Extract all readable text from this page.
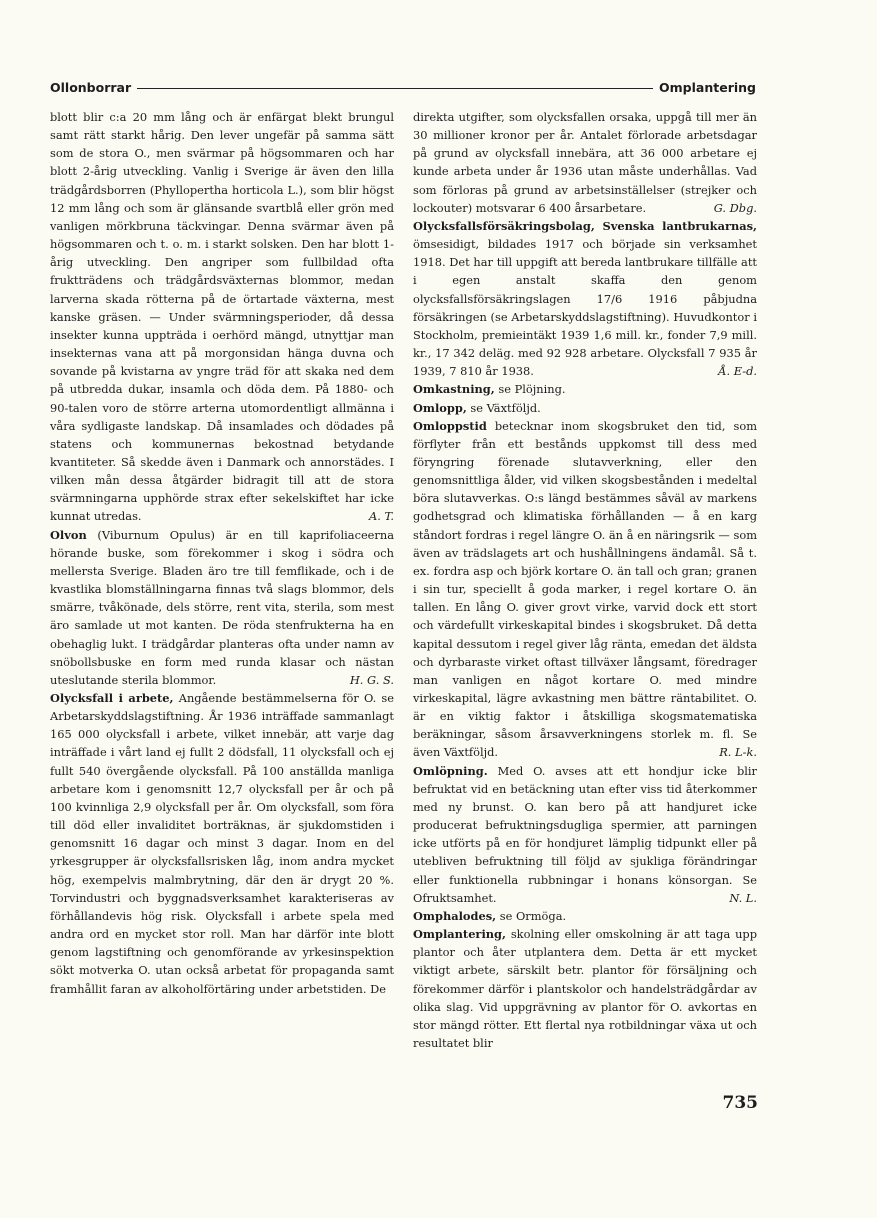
Ollonborrar	Omplantering

blott blir c:a 20 mm lång och är enfärgat blekt brungul samt rätt starkt hårig. Den lever ungefär på samma sätt som de stora O., men svärmar på högsommaren och har blott 2-årig utveckling. Vanlig i Sverige är även den lilla trädgårdsborren (Phyllopertha horticola L.), som blir högst 12 mm lång och som är glänsande svartblå eller grön med vanligen mörkbruna täckvingar. Denna svärmar även på högsommaren och t. o. m. i starkt solsken. Den har blott 1-årig utveckling. Den angriper som fullbildad ofta fruktträdens och trädgårdsväxternas blommor, medan larverna skada rötterna på de örtartade växterna, mest kanske gräsen. — Under svärmningsperioder, då dessa insekter kunna uppträda i oerhörd mängd, utnyttjar man insekternas vana att på morgonsidan hänga duvna och sovande på kvistarna av yngre träd för att skaka ned dem på utbredda dukar, insamla och döda dem. På 1880- och 90-talen voro de större arterna utomordentligt allmänna i våra sydligaste landskap. Då insamlades och dödades på statens och kommunernas bekostnad betydande kvantiteter. Så skedde även i Danmark och annorstädes. I vilken mån dessa åtgärder bidragit till att de stora svärmningarna upphörde strax efter sekelskiftet har icke kunnat utredas.	A. T.

Olvon (Viburnum Opulus) är en till kaprifoliaceerna hörande buske, som förekommer i skog i södra och mellersta Sverige. Bladen äro tre till femflikade, och i de kvastlika blomställningarna finnas två slags blommor, dels smärre, tvåkönade, dels större, rent vita, sterila, som mest äro samlade ut mot kanten. De röda stenfrukterna ha en obehaglig lukt. I trädgårdar planteras ofta under namn av snöbollsbuske en form med runda klasar och nästan uteslutande sterila blommor.	H. G. S.

Olycksfall i arbete, Angående bestämmelserna för O. se Arbetarskyddslagstiftning. År 1936 inträffade sammanlagt 165 000 olycksfall i arbete, vilket innebär, att varje dag inträffade i vårt land ej fullt 2 dödsfall, 11 olycksfall och ej fullt 540 övergående olycksfall. På 100 anställda manliga arbetare kom i genomsnitt 12,7 olycksfall per år och på 100 kvinnliga 2,9 olycksfall per år. Om olycksfall, som föra till död eller invaliditet borträknas, är sjukdomstiden i genomsnitt 16 dagar och minst 3 dagar. Inom en del yrkesgrupper är olycksfallsrisken låg, inom andra mycket hög, exempelvis malmbrytning, där den är drygt 20 %. Torvindustri och byggnadsverksamhet karakteriseras av förhållandevis hög risk. Olycksfall i arbete spela med andra ord en mycket stor roll. Man har därför inte blott genom lagstiftning och genomförande av yrkesinspektion sökt motverka O. utan också arbetat för propaganda samt framhållit faran av alkoholförtäring under arbetstiden. De

direkta utgifter, som olycksfallen orsaka, uppgå till mer än 30 millioner kronor per år. Antalet förlorade arbetsdagar på grund av olycksfall innebära, att 36 000 arbetare ej kunde arbeta under år 1936 utan måste underhållas. Vad som förloras på grund av arbetsinställelser (strejker och lockouter) motsvarar 6 400 årsarbetare.	G. Dbg.

Olycksfallsförsäkringsbolag, Svenska lantbrukarnas, ömsesidigt, bildades 1917 och började sin verksamhet 1918. Det har till uppgift att bereda lantbrukare tillfälle att i egen anstalt skaffa den genom olycksfallsförsäkringslagen 17/6 1916 påbjudna försäkringen (se Arbetarskyddslagstiftning). Huvudkontor i Stockholm, premieintäkt 1939 1,6 mill. kr., fonder 7,9 mill. kr., 17 342 deläg. med 92 928 arbetare. Olycksfall 7 935 år 1939, 7 810 år 1938.	Å. E-d.

Omkastning, se Plöjning.

Omlopp, se Växtföljd.

Omloppstid betecknar inom skogsbruket den tid, som förflyter från ett bestånds uppkomst till dess med föryngring förenade slutavverkning, eller den genomsnittliga ålder, vid vilken skogsbestånden i medeltal böra slutavverkas. O:s längd bestämmes såväl av markens godhetsgrad och klimatiska förhållanden — å en karg ståndort fordras i regel längre O. än å en näringsrik — som även av trädslagets art och hushållningens ändamål. Så t. ex. fordra asp och björk kortare O. än tall och gran; granen i sin tur, speciellt å goda marker, i regel kortare O. än tallen. En lång O. giver grovt virke, varvid dock ett stort och värdefullt virkeskapital bindes i skogsbruket. Då detta kapital dessutom i regel giver låg ränta, emedan det äldsta och dyrbaraste virket oftast tillväxer långsamt, föredrager man vanligen en något kortare O. med mindre virkeskapital, lägre avkastning men bättre räntabilitet. O. är en viktig faktor i åtskilliga skogsmatematiska beräkningar, såsom årsavverkningens storlek m. fl. Se även Växtföljd.	R. L-k.

Omlöpning. Med O. avses att ett hondjur icke blir befruktat vid en betäckning utan efter viss tid återkommer med ny brunst. O. kan bero på att handjuret icke producerat befruktningsdugliga spermier, att parningen icke utförts på en för hondjuret lämplig tidpunkt eller på utebliven befruktning till följd av sjukliga förändringar eller funktionella rubbningar i honans könsorgan. Se Ofruktsamhet.	N. L.

Omphalodes, se Ormöga.

Omplantering, skolning eller omskolning är att taga upp plantor och åter utplantera dem. Detta är ett mycket viktigt arbete, särskilt betr. plantor för försäljning och förekommer därför i plantskolor och handelsträdgårdar av olika slag. Vid uppgrävning av plantor för O. avkortas en stor mängd rötter. Ett flertal nya rotbildningar växa ut och resultatet blir

735
